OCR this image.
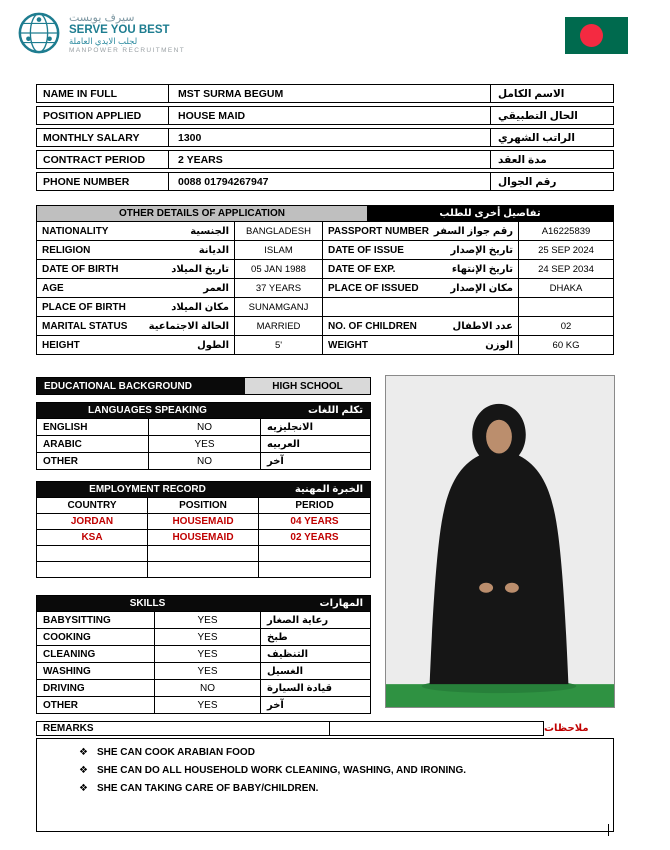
سيرف يوبست
SERVE YOU BEST
لجلب الايدي العاملة
MANPOWER RECRUITMENT
NAME IN FULL	MST SURMA BEGUM	الاسم الكامل
POSITION APPLIED	HOUSE MAID	الحال التطبيقي
MONTHLY SALARY	1300	الراتب الشهري
CONTRACT PERIOD	2 YEARS	مدة العقد
PHONE NUMBER	0088 01794267947	رقم الجوال
OTHER DETAILS OF APPLICATION	تفاصيل أخرى للطلب
NATIONALITY	الجنسية	BANGLADESH	PASSPORT NUMBER رقم جواز السفر	A16225839
RELIGION	الديانة	ISLAM	DATE OF ISSUE	تاريخ الإصدار	25 SEP 2024
DATE OF BIRTH	تاريخ الميلاد	05 JAN 1988	DATE OF EXP.	تاريخ الإنتهاء	24 SEP 2034
AGE	العمر	37 YEARS	PLACE OF ISSUED	مكان الإصدار	DHAKA
PLACE OF BIRTH	مكان الميلاد	SUNAMGANJ
MARITAL STATUS الحالة الاجتماعية	MARRIED	NO. OF CHILDREN	عدد الاطفال	02
HEIGHT	الطول	5'	WEIGHT	الوزن	60 KG
EDUCATIONAL BACKGROUND	HIGH SCHOOL
LANGUAGES SPEAKING	تكلم اللغات
ENGLISH	NO	الانجليزيه
ARABIC	YES	العربيه
OTHER	NO	آخر
EMPLOYMENT RECORD	الخبرة المهنية
COUNTRY	POSITION	PERIOD
JORDAN	HOUSEMAID	04 YEARS
KSA	HOUSEMAID	02 YEARS
SKILLS	المهارات
BABYSITTING	YES	رعاية الصغار
COOKING	YES	طبخ
CLEANING	YES	التنظيف
WASHING	YES	الغسيل
DRIVING	NO	قيادة السيارة
OTHER	YES	آخر
REMARKS	ملاحظات
❖ SHE CAN COOK ARABIAN FOOD
❖ SHE CAN DO ALL HOUSEHOLD WORK CLEANING, WASHING, AND IRONING.
❖ SHE CAN TAKING CARE OF BABY/CHILDREN.
